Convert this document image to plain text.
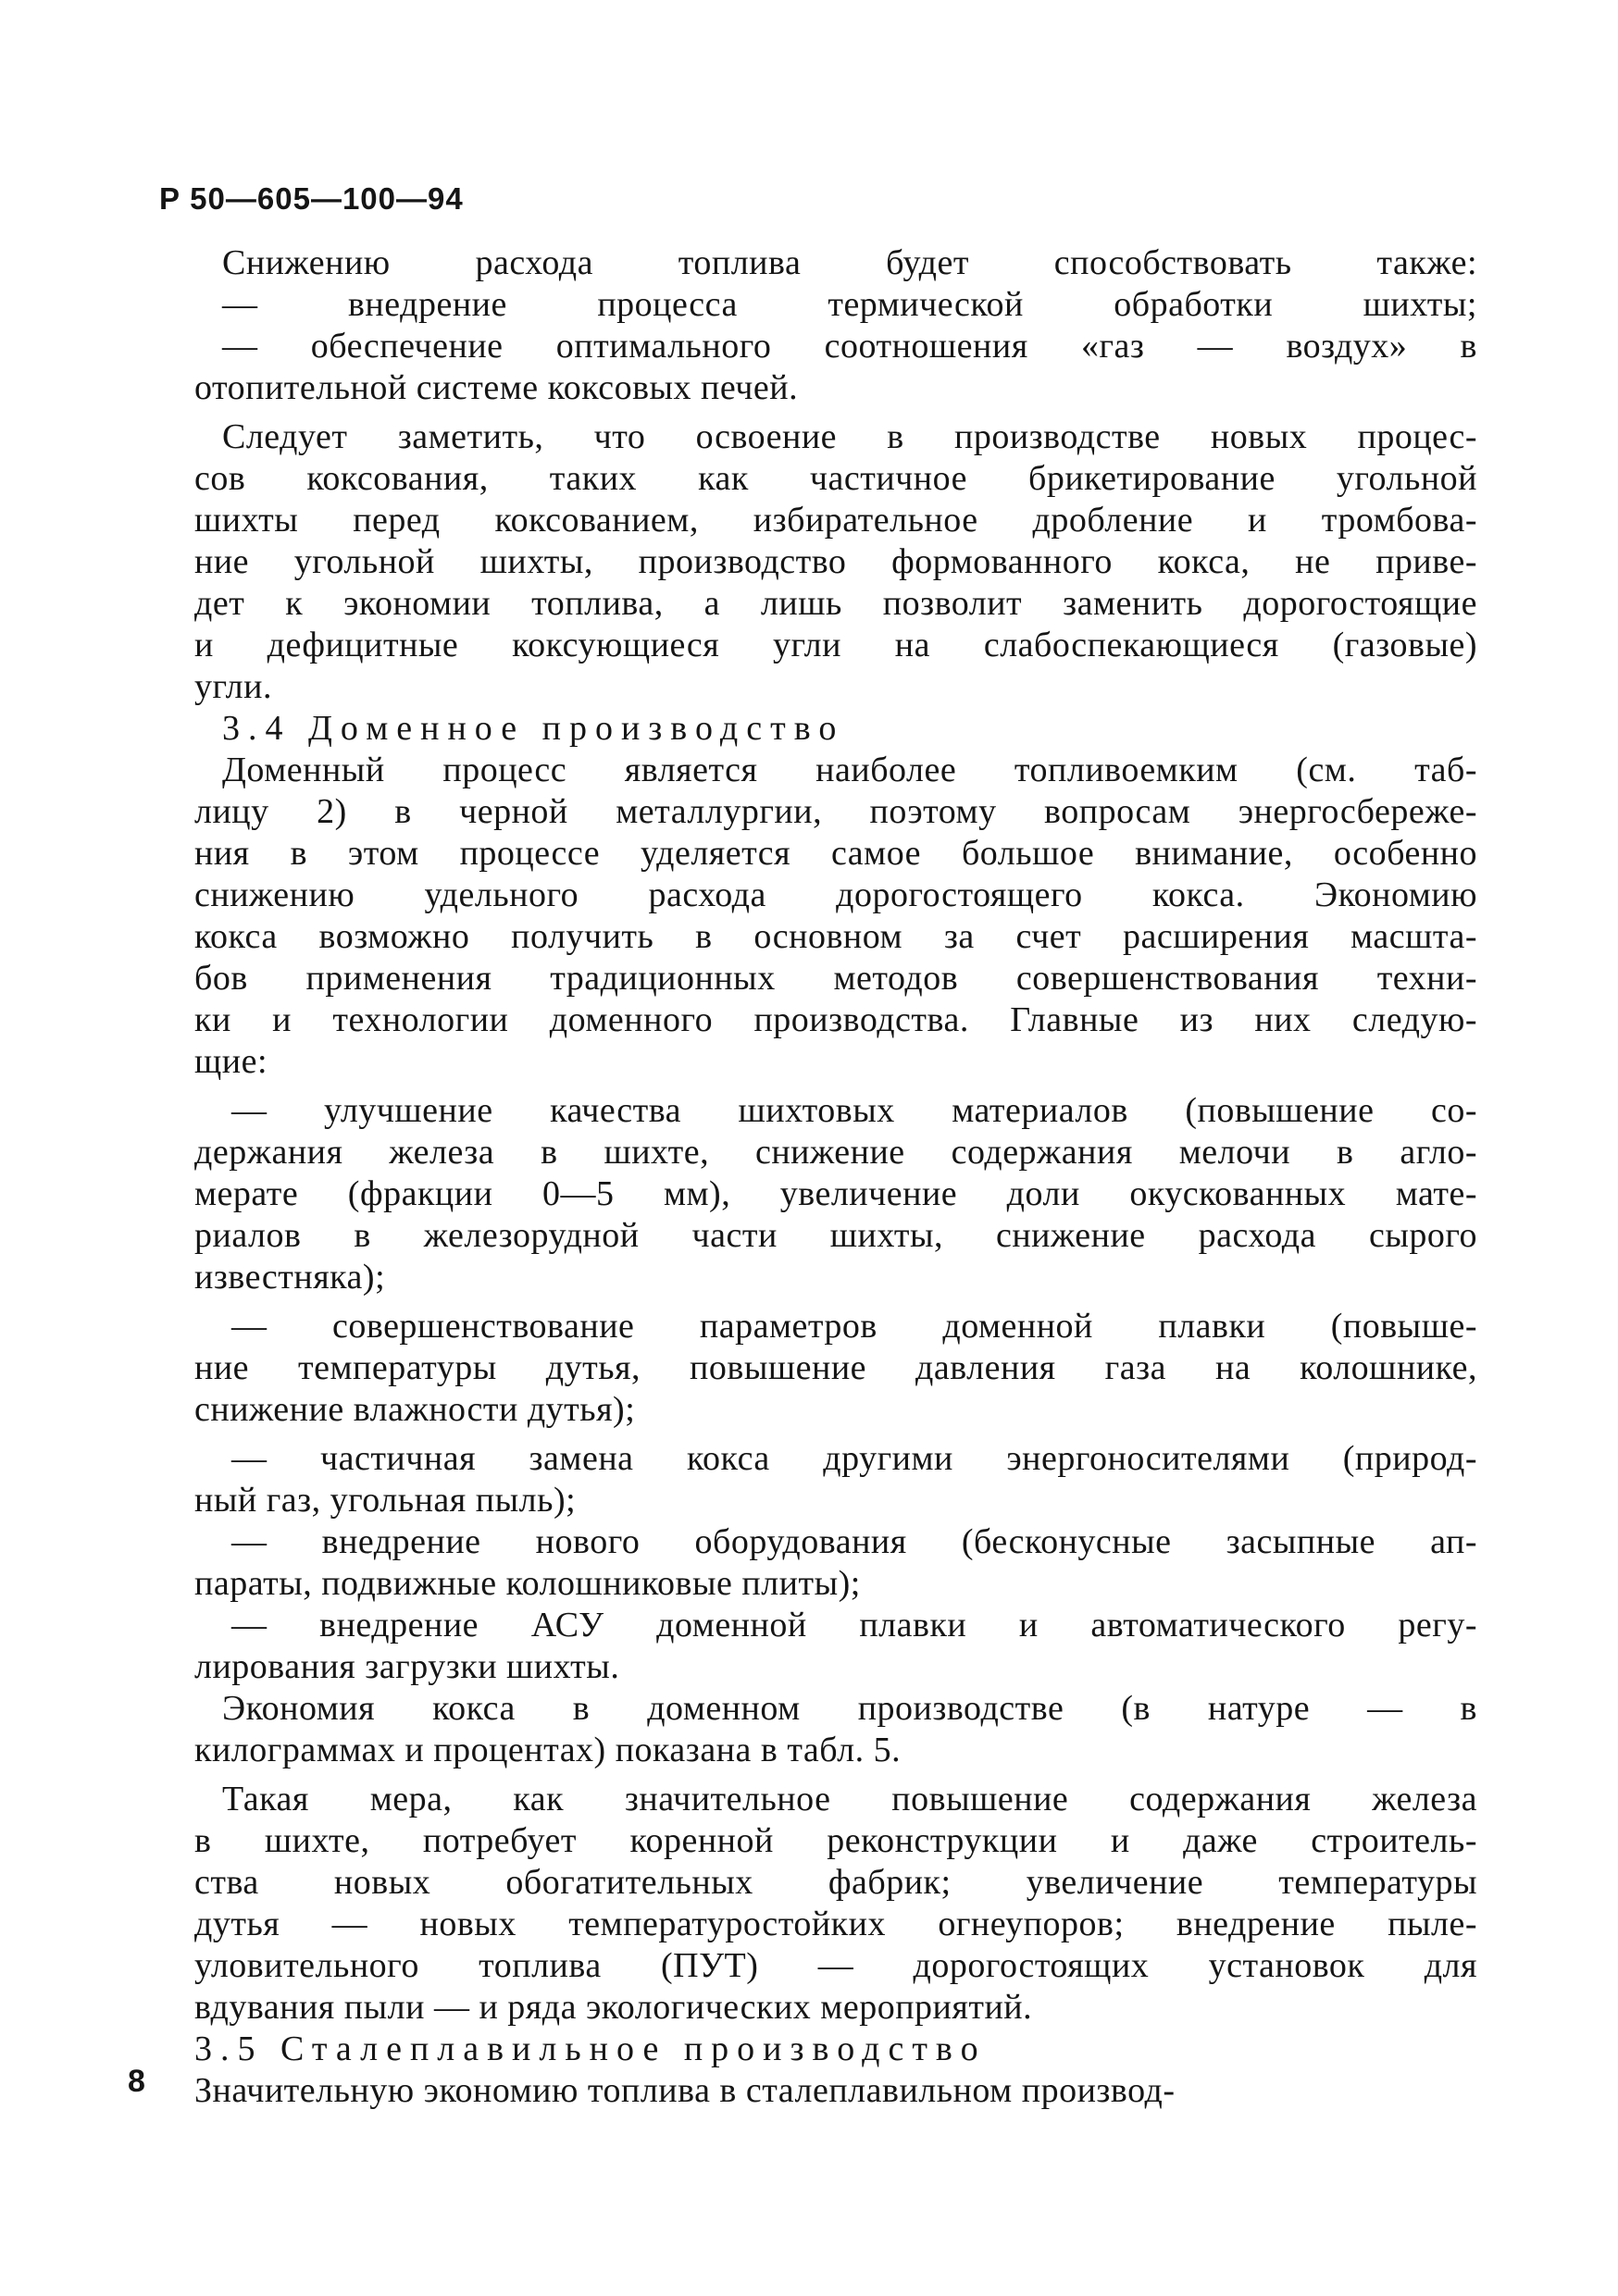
Р 50—605—100—94
Снижению расхода топлива будет способствовать также:
— внедрение процесса термической обработки шихты;
— обеспечение оптимального соотношения «газ — воздух» в
отопительной системе коксовых печей.
Следует заметить, что освоение в производстве новых процес-
сов коксования, таких как частичное брикетирование угольной
шихты перед коксованием, избирательное дробление и тромбова-
ние угольной шихты, производство формованного кокса, не приве-
дет к экономии топлива, а лишь позволит заменить дорогостоящие
и дефицитные коксующиеся угли на слабоспекающиеся (газовые)
угли.
3.4 Доменное производство
Доменный процесс является наиболее топливоемким (см. таб-
лицу 2) в черной металлургии, поэтому вопросам энергосбереже-
ния в этом процессе уделяется самое большое внимание, особенно
снижению удельного расхода дорогостоящего кокса. Экономию
кокса возможно получить в основном за счет расширения масшта-
бов применения традиционных методов совершенствования техни-
ки и технологии доменного производства. Главные из них следую-
щие:
— улучшение качества шихтовых материалов (повышение со-
держания железа в шихте, снижение содержания мелочи в агло-
мерате (фракции 0—5 мм), увеличение доли окускованных мате-
риалов в железорудной части шихты, снижение расхода сырого
известняка);
— совершенствование параметров доменной плавки (повыше-
ние температуры дутья, повышение давления газа на колошнике,
снижение влажности дутья);
— частичная замена кокса другими энергоносителями (природ-
ный газ, угольная пыль);
— внедрение нового оборудования (бесконусные засыпные ап-
параты, подвижные колошниковые плиты);
— внедрение АСУ доменной плавки и автоматического регу-
лирования загрузки шихты.
Экономия кокса в доменном производстве (в натуре — в
килограммах и процентах) показана в табл. 5.
Такая мера, как значительное повышение содержания железа
в шихте, потребует коренной реконструкции и даже строитель-
ства новых обогатительных фабрик; увеличение температуры
дутья — новых температуростойких огнеупоров; внедрение пыле-
уловительного топлива (ПУТ) — дорогостоящих установок для
вдувания пыли — и ряда экологических мероприятий.
3.5 Сталеплавильное производство
Значительную экономию топлива в сталеплавильном производ-
8
